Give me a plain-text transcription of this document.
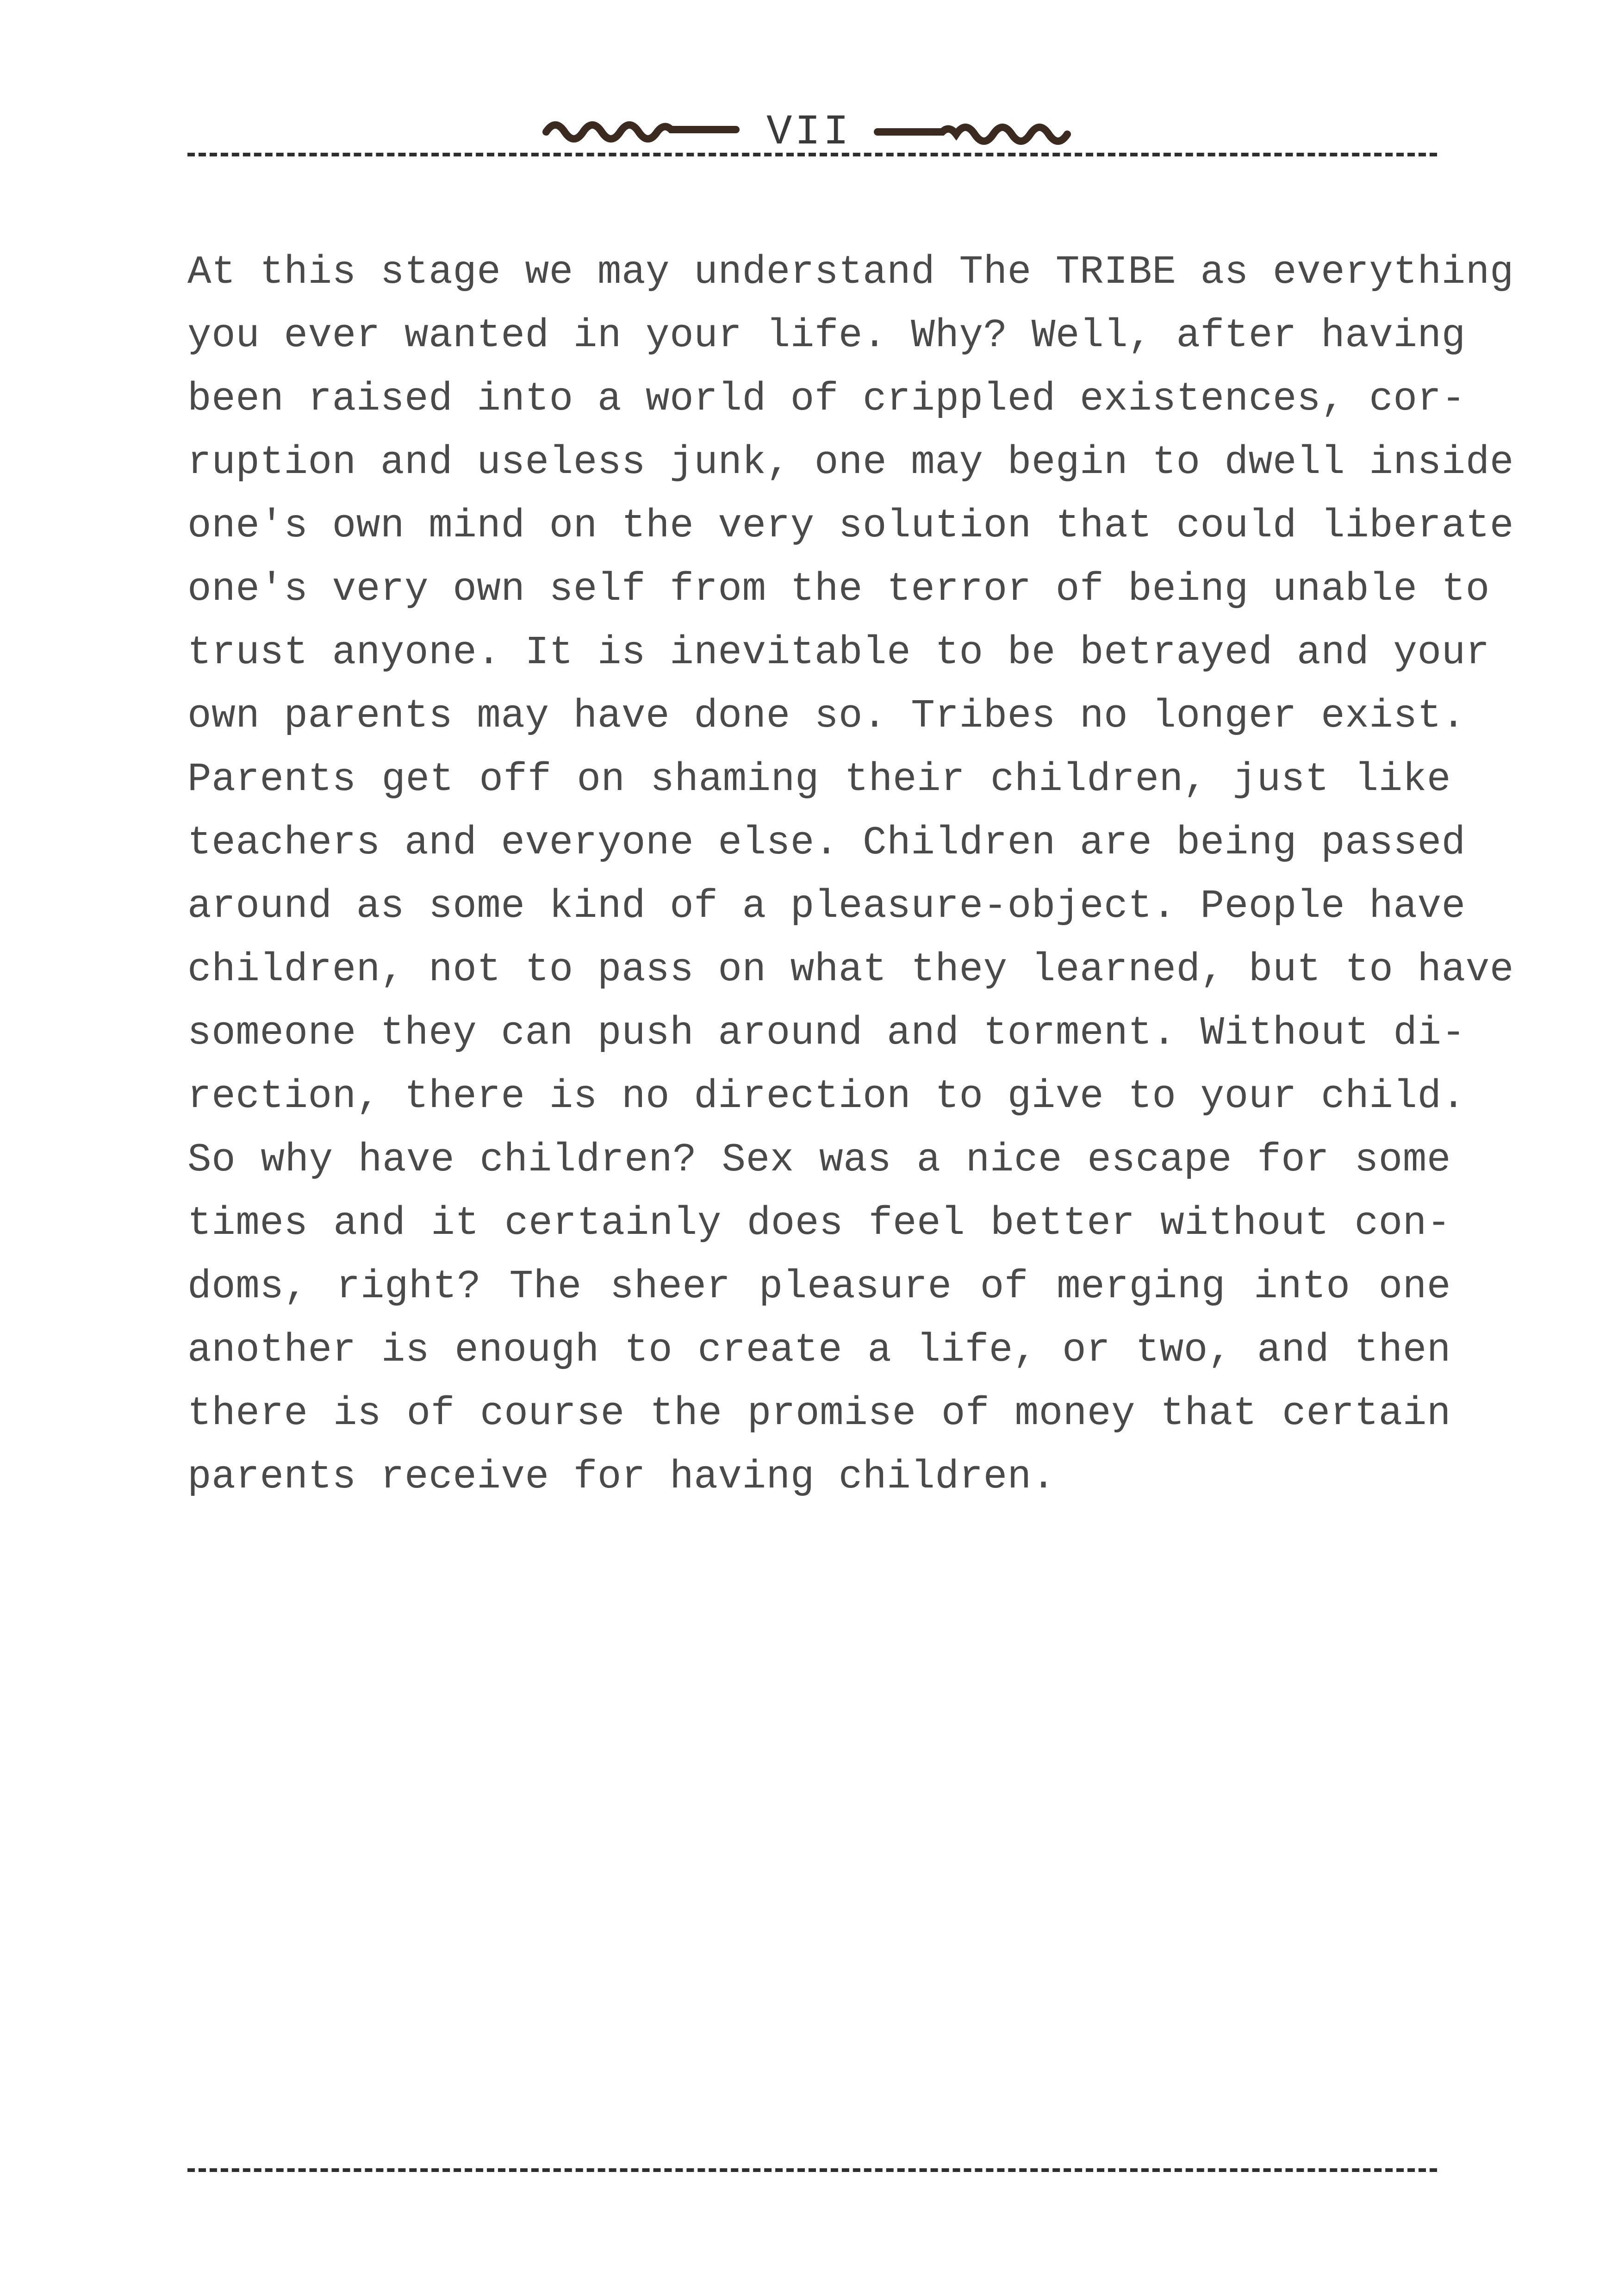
VII
At this stage we may understand The TRIBE as everything
you ever wanted in your life. Why? Well, after having
been raised into a world of crippled existences, cor-
ruption and useless junk, one may begin to dwell inside
one's own mind on the very solution that could liberate
one's very own self from the terror of being unable to
trust anyone. It is inevitable to be betrayed and your
own parents may have done so. Tribes no longer exist.
Parents get off on shaming their children, just like
teachers and everyone else. Children are being passed
around as some kind of a pleasure-object. People have
children, not to pass on what they learned, but to have
someone they can push around and torment. Without di-
rection, there is no direction to give to your child.
So why have children? Sex was a nice escape for some
times and it certainly does feel better without con-
doms, right? The sheer pleasure of merging into one
another is enough to create a life, or two, and then
there is of course the promise of money that certain
parents receive for having children.
